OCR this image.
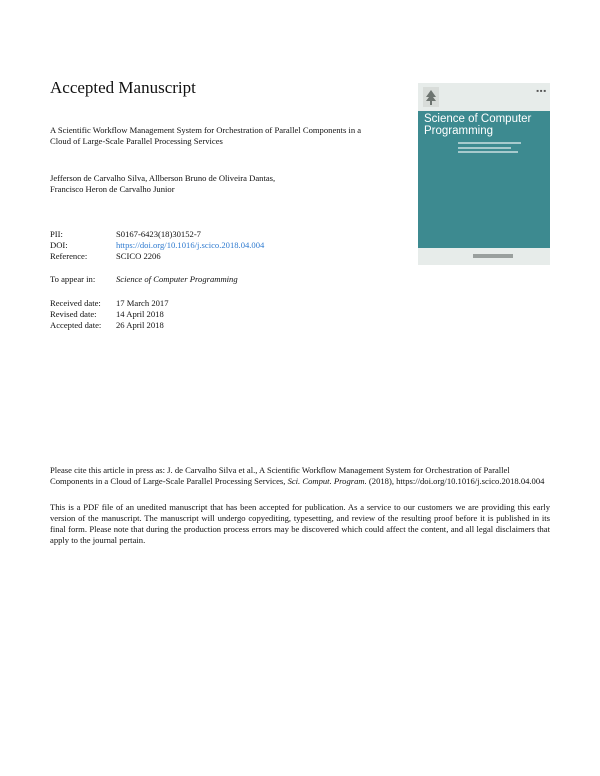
Accepted Manuscript
A Scientific Workflow Management System for Orchestration of Parallel Components in a Cloud of Large-Scale Parallel Processing Services
Jefferson de Carvalho Silva, Allberson Bruno de Oliveira Dantas,
Francisco Heron de Carvalho Junior
PII:	S0167-6423(18)30152-7
DOI:	https://doi.org/10.1016/j.scico.2018.04.004
Reference:	SCICO 2206
To appear in:	Science of Computer Programming
Received date:	17 March 2017
Revised date:	14 April 2018
Accepted date:	26 April 2018
Please cite this article in press as: J. de Carvalho Silva et al., A Scientific Workflow Management System for Orchestration of Parallel Components in a Cloud of Large-Scale Parallel Processing Services, Sci. Comput. Program. (2018), https://doi.org/10.1016/j.scico.2018.04.004
This is a PDF file of an unedited manuscript that has been accepted for publication. As a service to our customers we are providing this early version of the manuscript. The manuscript will undergo copyediting, typesetting, and review of the resulting proof before it is published in its final form. Please note that during the production process errors may be discovered which could affect the content, and all legal disclaimers that apply to the journal pertain.
■ ■ ■
Science of Computer Programming
